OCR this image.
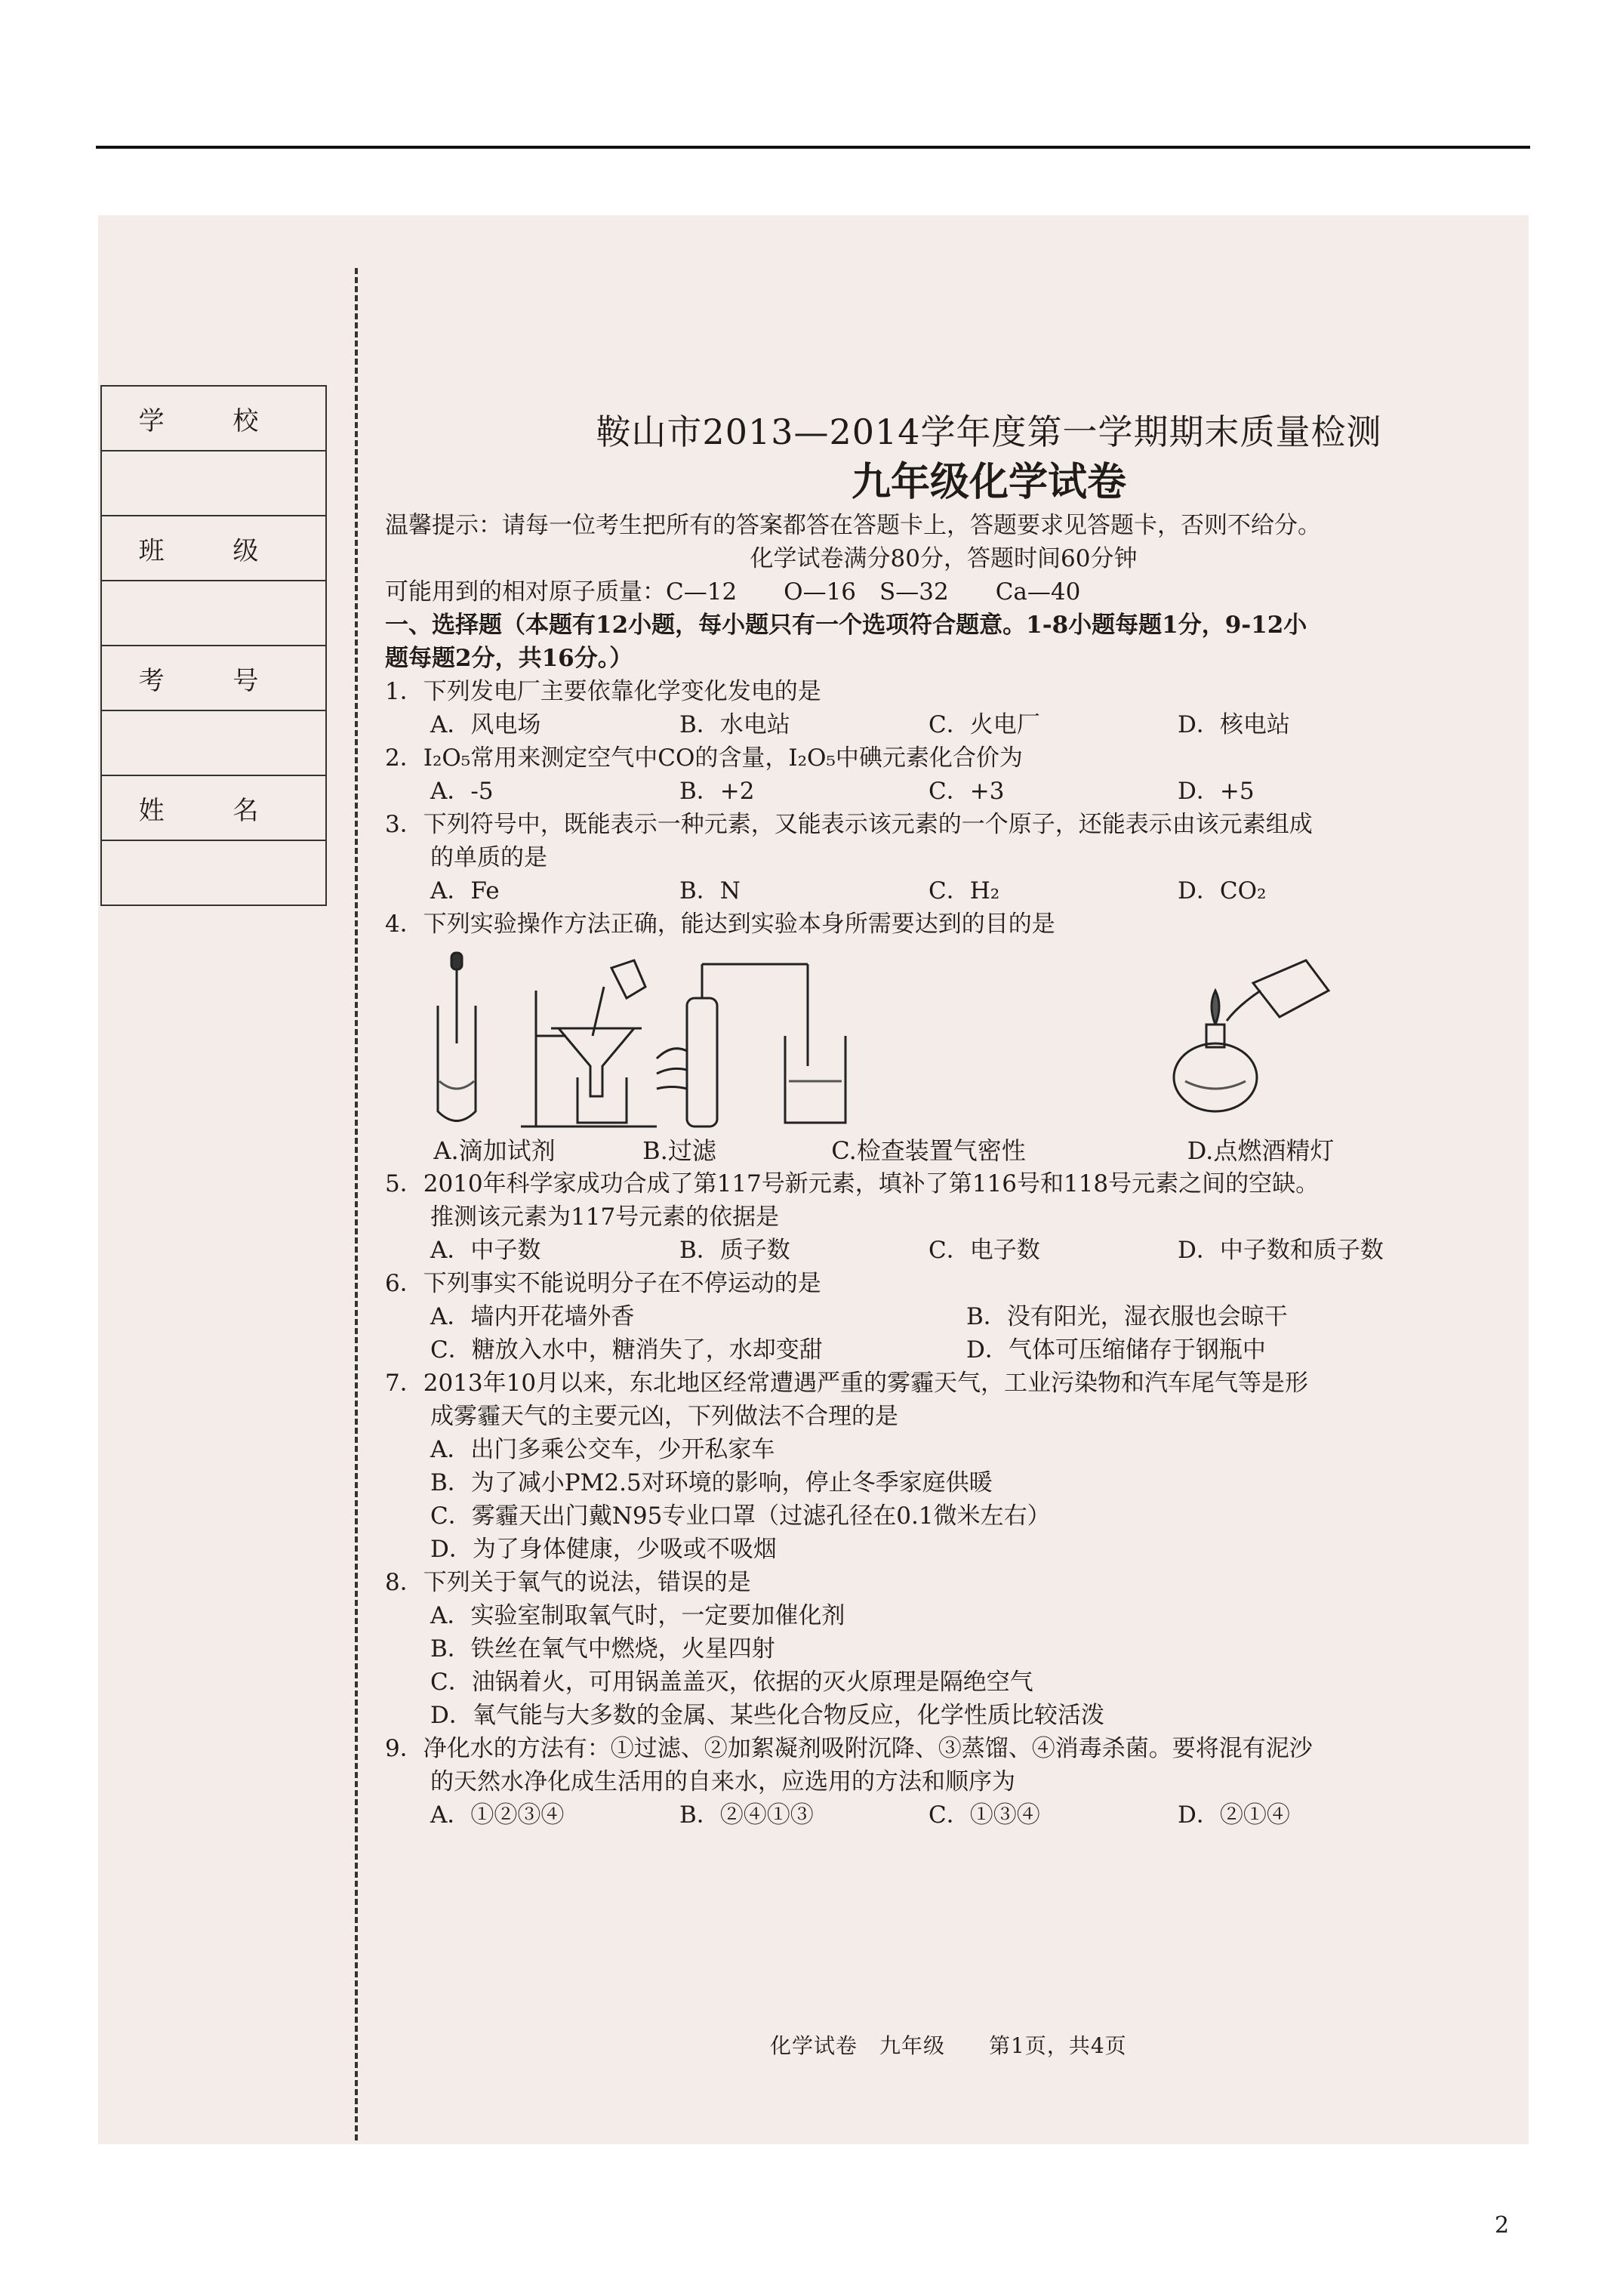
学 校

班 级

考 号

姓 名

鞍山市2013—2014学年度第一学期期末质量检测
九年级化学试卷
温馨提示：请每一位考生把所有的答案都答在答题卡上，答题要求见答题卡，否则不给分。
化学试卷满分80分，答题时间60分钟
可能用到的相对原子质量：C—12　　O—16　S—32　　Ca—40
一、选择题（本题有12小题，每小题只有一个选项符合题意。1-8小题每题1分，9-12小
题每题2分，共16分。）
1．下列发电厂主要依靠化学变化发电的是
A．风电场	B．水电站	C．火电厂	D．核电站
2．I₂O₅常用来测定空气中CO的含量，I₂O₅中碘元素化合价为
A．-5	B．+2	C．+3	D．+5
3．下列符号中，既能表示一种元素，又能表示该元素的一个原子，还能表示由该元素组成
的单质的是
A．Fe	B．N	C．H₂	D．CO₂
4．下列实验操作方法正确，能达到实验本身所需要达到的目的是
A.滴加试剂	B.过滤	C.检查装置气密性	D.点燃酒精灯
5．2010年科学家成功合成了第117号新元素，填补了第116号和118号元素之间的空缺。
推测该元素为117号元素的依据是
A．中子数	B．质子数	C．电子数	D．中子数和质子数
6．下列事实不能说明分子在不停运动的是
A．墙内开花墙外香	B．没有阳光，湿衣服也会晾干
C．糖放入水中，糖消失了，水却变甜	D．气体可压缩储存于钢瓶中
7．2013年10月以来，东北地区经常遭遇严重的雾霾天气，工业污染物和汽车尾气等是形
成雾霾天气的主要元凶，下列做法不合理的是
A．出门多乘公交车，少开私家车
B．为了减小PM2.5对环境的影响，停止冬季家庭供暖
C．雾霾天出门戴N95专业口罩（过滤孔径在0.1微米左右）
D．为了身体健康，少吸或不吸烟
8．下列关于氧气的说法，错误的是
A．实验室制取氧气时，一定要加催化剂
B．铁丝在氧气中燃烧，火星四射
C．油锅着火，可用锅盖盖灭，依据的灭火原理是隔绝空气
D．氧气能与大多数的金属、某些化合物反应，化学性质比较活泼
9．净化水的方法有：①过滤、②加絮凝剂吸附沉降、③蒸馏、④消毒杀菌。要将混有泥沙
的天然水净化成生活用的自来水，应选用的方法和顺序为
A．①②③④	B．②④①③	C．①③④	D．②①④
化学试卷　九年级　　第1页，共4页
2
